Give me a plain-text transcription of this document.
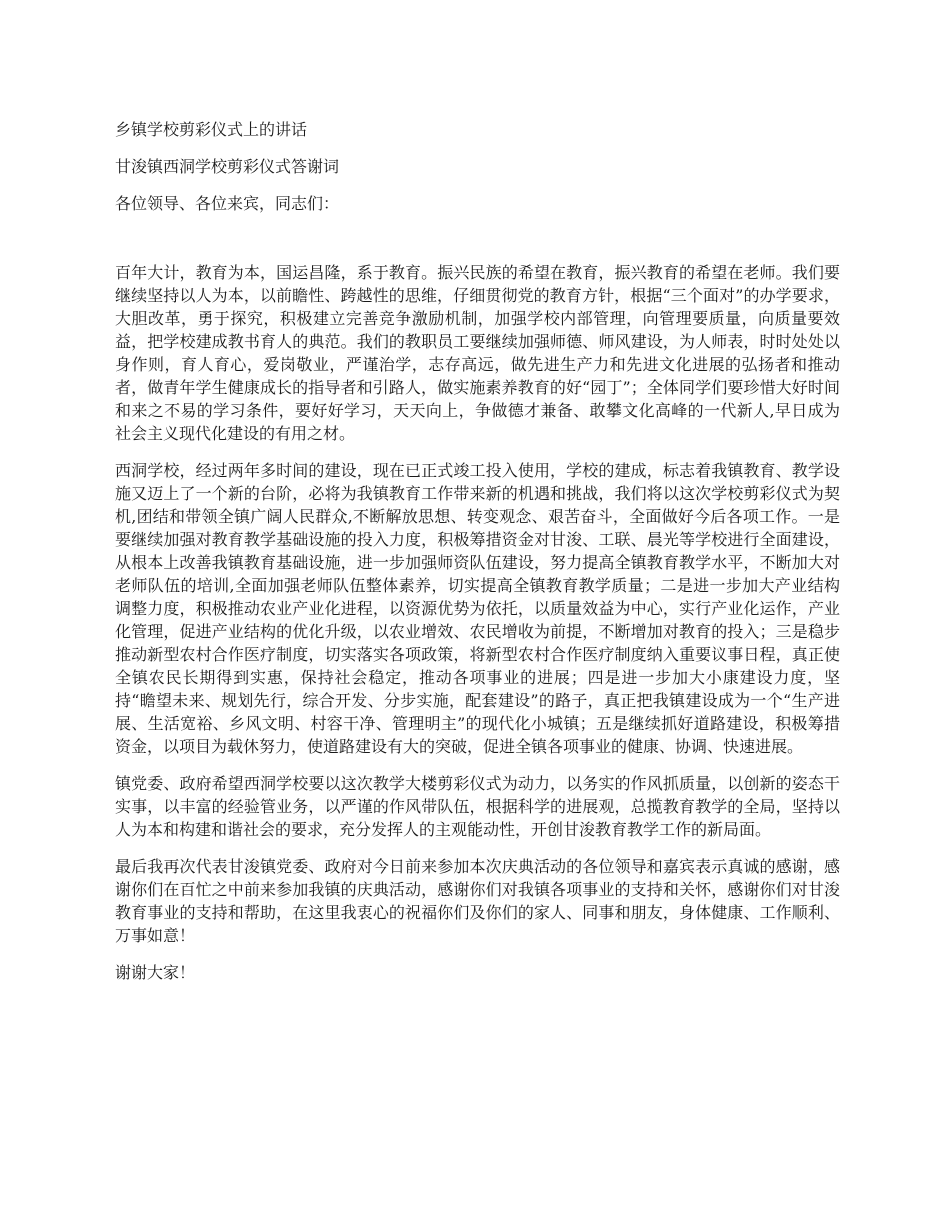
乡镇学校剪彩仪式上的讲话
甘浚镇西洞学校剪彩仪式答谢词
各位领导、各位来宾，同志们：

百年大计，教育为本，国运昌隆，系于教育。振兴民族的希望在教育，振兴教育的希望在老师。我们要继续坚持以人为本，以前瞻性、跨越性的思维，仔细贯彻党的教育方针，根据“三个面对”的办学要求，大胆改革，勇于探究，积极建立完善竞争激励机制，加强学校内部管理，向管理要质量，向质量要效益，把学校建成教书育人的典范。我们的教职员工要继续加强师德、师风建设，为人师表，时时处处以身作则，育人育心，爱岗敬业，严谨治学，志存高远，做先进生产力和先进文化进展的弘扬者和推动者，做青年学生健康成长的指导者和引路人，做实施素养教育的好“园丁”；全体同学们要珍惜大好时间和来之不易的学习条件，要好好学习，天天向上，争做德才兼备、敢攀文化高峰的一代新人,早日成为社会主义现代化建设的有用之材。

西洞学校，经过两年多时间的建设，现在已正式竣工投入使用，学校的建成，标志着我镇教育、教学设施又迈上了一个新的台阶，必将为我镇教育工作带来新的机遇和挑战，我们将以这次学校剪彩仪式为契机,团结和带领全镇广阔人民群众,不断解放思想、转变观念、艰苦奋斗，全面做好今后各项工作。一是要继续加强对教育教学基础设施的投入力度，积极筹措资金对甘浚、工联、晨光等学校进行全面建设，从根本上改善我镇教育基础设施，进一步加强师资队伍建设，努力提高全镇教育教学水平，不断加大对老师队伍的培训,全面加强老师队伍整体素养，切实提高全镇教育教学质量；二是进一步加大产业结构调整力度，积极推动农业产业化进程，以资源优势为依托，以质量效益为中心，实行产业化运作，产业化管理，促进产业结构的优化升级，以农业增效、农民增收为前提，不断增加对教育的投入；三是稳步推动新型农村合作医疗制度，切实落实各项政策，将新型农村合作医疗制度纳入重要议事日程，真正使全镇农民长期得到实惠，保持社会稳定，推动各项事业的进展；四是进一步加大小康建设力度，坚持“瞻望未来、规划先行，综合开发、分步实施，配套建设”的路子，真正把我镇建设成为一个“生产进展、生活宽裕、乡风文明、村容干净、管理明主”的现代化小城镇；五是继续抓好道路建设，积极筹措资金，以项目为载休努力，使道路建设有大的突破，促进全镇各项事业的健康、协调、快速进展。

镇党委、政府希望西洞学校要以这次教学大楼剪彩仪式为动力，以务实的作风抓质量，以创新的姿态干实事，以丰富的经验管业务，以严谨的作风带队伍，根据科学的进展观，总揽教育教学的全局，坚持以人为本和构建和谐社会的要求，充分发挥人的主观能动性，开创甘浚教育教学工作的新局面。

最后我再次代表甘浚镇党委、政府对今日前来参加本次庆典活动的各位领导和嘉宾表示真诚的感谢，感谢你们在百忙之中前来参加我镇的庆典活动，感谢你们对我镇各项事业的支持和关怀，感谢你们对甘浚教育事业的支持和帮助，在这里我衷心的祝福你们及你们的家人、同事和朋友，身体健康、工作顺利、万事如意！

谢谢大家！
